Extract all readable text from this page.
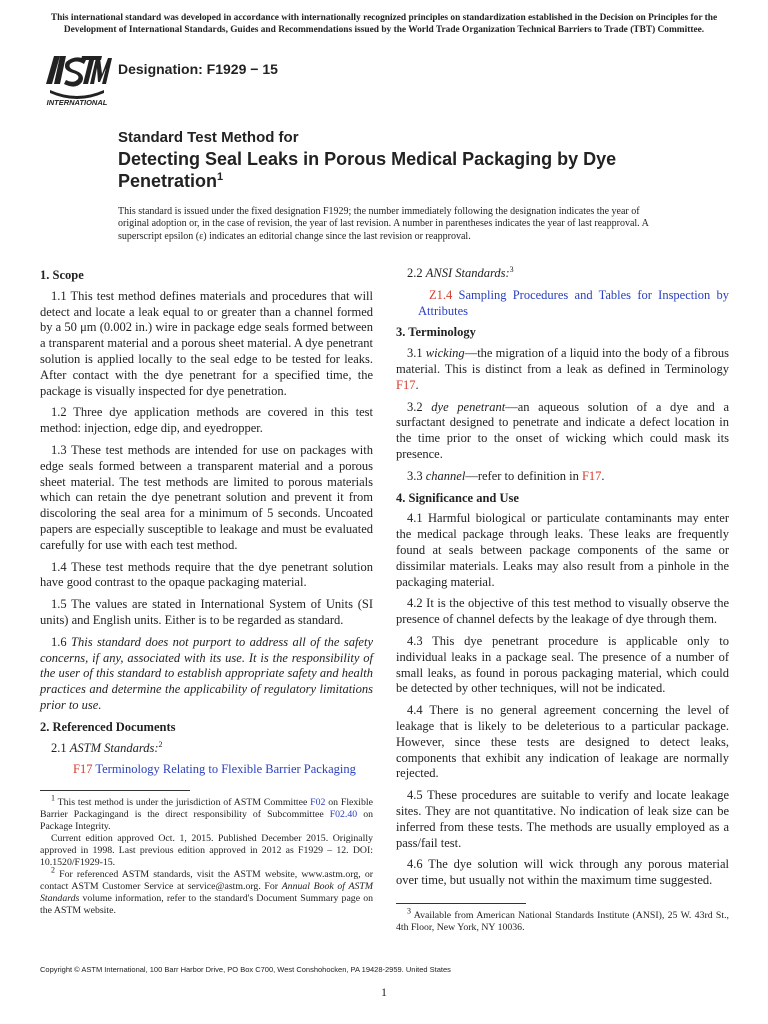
This international standard was developed in accordance with internationally recognized principles on standardization established in the Decision on Principles for the Development of International Standards, Guides and Recommendations issued by the World Trade Organization Technical Barriers to Trade (TBT) Committee.
INTERNATIONAL
Designation: F1929 − 15
Standard Test Method for
Detecting Seal Leaks in Porous Medical Packaging by Dye Penetration$^1$
This standard is issued under the fixed designation F1929; the number immediately following the designation indicates the year of original adoption or, in the case of revision, the year of last revision. A number in parentheses indicates the year of last reapproval. A superscript epsilon (ε) indicates an editorial change since the last revision or reapproval.
1. Scope

1.1 This test method defines materials and procedures that will detect and locate a leak equal to or greater than a channel formed by a 50 μm (0.002 in.) wire in package edge seals formed between a transparent material and a porous sheet material. A dye penetrant solution is applied locally to the seal edge to be tested for leaks. After contact with the dye penetrant for a specified time, the package is visually inspected for dye penetration.

1.2 Three dye application methods are covered in this test method: injection, edge dip, and eyedropper.

1.3 These test methods are intended for use on packages with edge seals formed between a transparent material and a porous sheet material. The test methods are limited to porous materials which can retain the dye penetrant solution and prevent it from discoloring the seal area for a minimum of 5 seconds. Uncoated papers are especially susceptible to leakage and must be evaluated carefully for use with each test method.

1.4 These test methods require that the dye penetrant solution have good contrast to the opaque packaging material.

1.5 The values are stated in International System of Units (SI units) and English units. Either is to be regarded as standard.

1.6 This standard does not purport to address all of the safety concerns, if any, associated with its use. It is the responsibility of the user of this standard to establish appropriate safety and health practices and determine the applicability of regulatory limitations prior to use.

2. Referenced Documents

2.1 ASTM Standards:$^2$

F17 Terminology Relating to Flexible Barrier Packaging

$^1$ This test method is under the jurisdiction of ASTM Committee F02 on Flexible Barrier Packagingand is the direct responsibility of Subcommittee F02.40 on Package Integrity.

Current edition approved Oct. 1, 2015. Published December 2015. Originally approved in 1998. Last previous edition approved in 2012 as F1929 – 12. DOI: 10.1520/F1929-15.

$^2$ For referenced ASTM standards, visit the ASTM website, www.astm.org, or contact ASTM Customer Service at service@astm.org. For Annual Book of ASTM Standards volume information, refer to the standard's Document Summary page on the ASTM website.

2.2 ANSI Standards:$^3$

Z1.4 Sampling Procedures and Tables for Inspection by Attributes

3. Terminology

3.1 wicking—the migration of a liquid into the body of a fibrous material. This is distinct from a leak as defined in Terminology F17.

3.2 dye penetrant—an aqueous solution of a dye and a surfactant designed to penetrate and indicate a defect location in the time prior to the onset of wicking which could mask its presence.

3.3 channel—refer to definition in F17.

4. Significance and Use

4.1 Harmful biological or particulate contaminants may enter the medical package through leaks. These leaks are frequently found at seals between package components of the same or dissimilar materials. Leaks may also result from a pinhole in the packaging material.

4.2 It is the objective of this test method to visually observe the presence of channel defects by the leakage of dye through them.

4.3 This dye penetrant procedure is applicable only to individual leaks in a package seal. The presence of a number of small leaks, as found in porous packaging material, which could be detected by other techniques, will not be indicated.

4.4 There is no general agreement concerning the level of leakage that is likely to be deleterious to a particular package. However, since these tests are designed to detect leaks, components that exhibit any indication of leakage are normally rejected.

4.5 These procedures are suitable to verify and locate leakage sites. They are not quantitative. No indication of leak size can be inferred from these tests. The methods are usually employed as a pass/fail test.

4.6 The dye solution will wick through any porous material over time, but usually not within the maximum time suggested.

$^3$ Available from American National Standards Institute (ANSI), 25 W. 43rd St., 4th Floor, New York, NY 10036.

Copyright © ASTM International, 100 Barr Harbor Drive, PO Box C700, West Conshohocken, PA 19428-2959. United States
1
